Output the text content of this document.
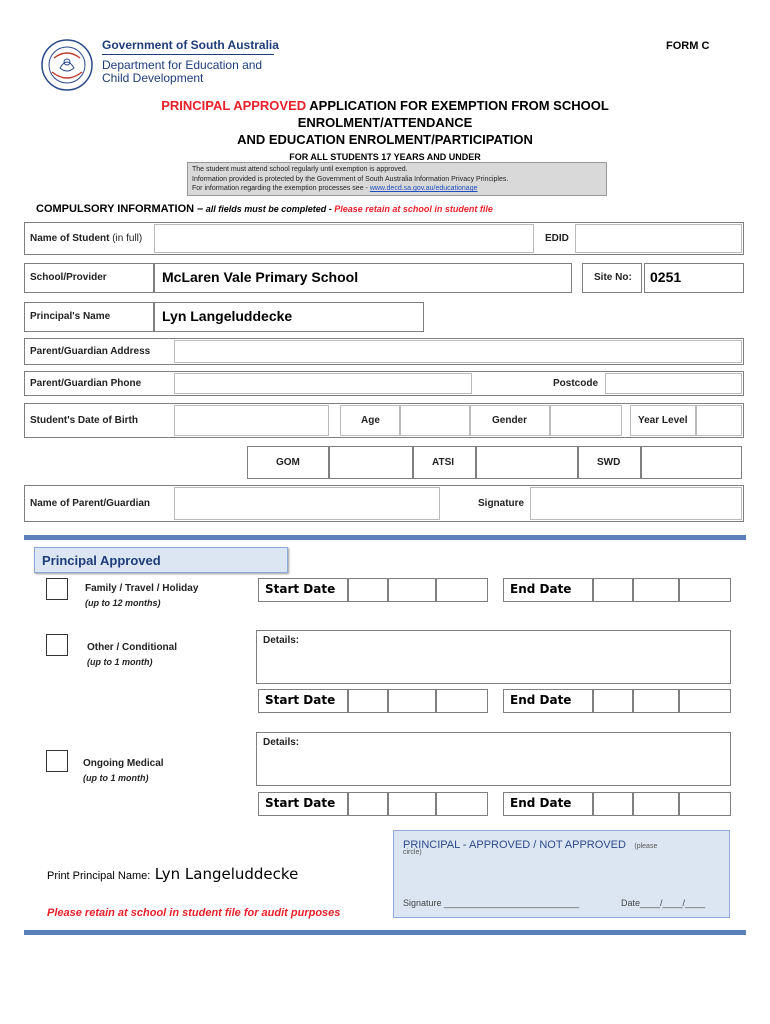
Government of South Australia
Department for Education and
Child Development
FORM C
PRINCIPAL APPROVED APPLICATION FOR EXEMPTION FROM SCHOOL
ENROLMENT/ATTENDANCE
AND EDUCATION ENROLMENT/PARTICIPATION
FOR ALL STUDENTS 17 YEARS AND UNDER
The student must attend school regularly until exemption is approved.
Information provided is protected by the Government of South Australia Information Privacy Principles.
For information regarding the exemption processes see - www.decd.sa.gov.au/educationage
COMPULSORY INFORMATION – all fields must be completed - Please retain at school in student file
Name of Student (in full)	EDID
School/Provider	McLaren Vale Primary School	Site No: 0251
Principal's Name	Lyn Langeluddecke
Parent/Guardian Address
Parent/Guardian Phone	Postcode
Student's Date of Birth	Age	Gender	Year Level
GOM	ATSI	SWD
Name of Parent/Guardian	Signature
Principal Approved
Family / Travel / Holiday
(up to 12 months)
Start Date	End Date
Other / Conditional
(up to 1 month)
Details:
Start Date	End Date
Ongoing Medical
(up to 1 month)
Details:
Start Date	End Date
Print Principal Name: Lyn Langeluddecke
Please retain at school in student file for audit purposes
PRINCIPAL - APPROVED / NOT APPROVED (please
circle)
Signature ___________________________	Date____/____/____
